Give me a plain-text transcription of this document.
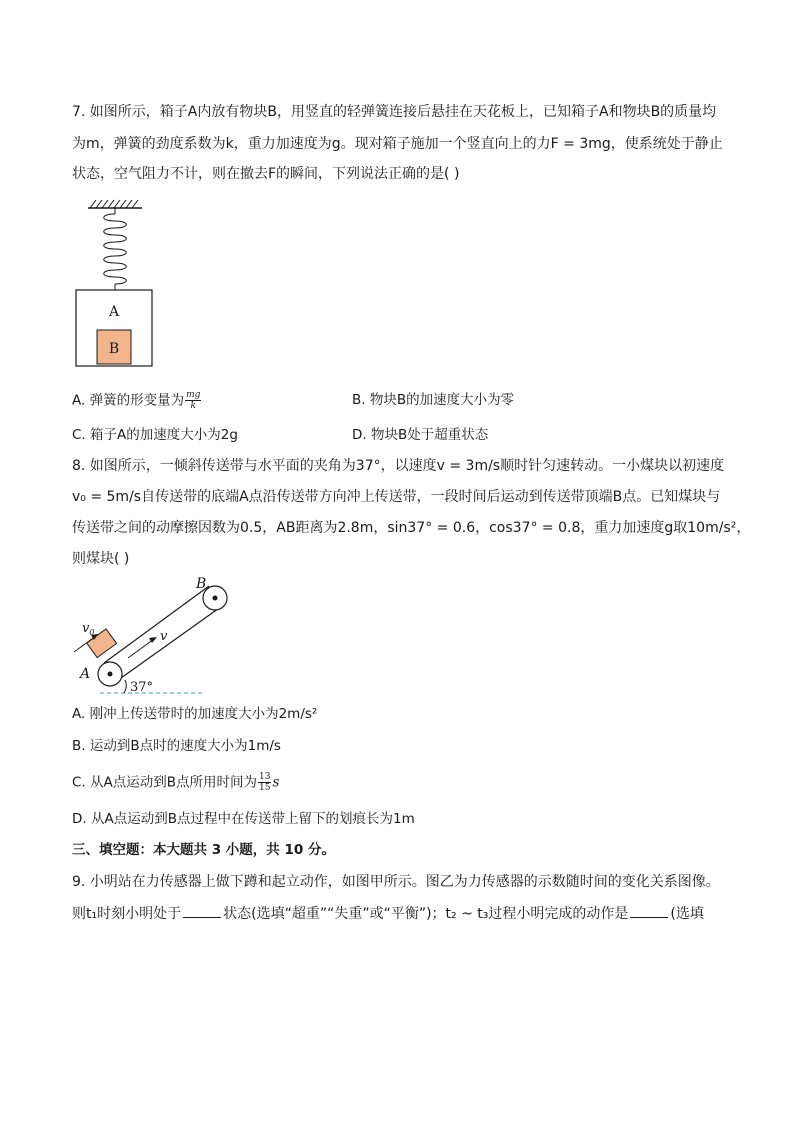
7. 如图所示，箱子A内放有物块B，用竖直的轻弹簧连接后悬挂在天花板上，已知箱子A和物块B的质量均
为m，弹簧的劲度系数为k，重力加速度为g。现对箱子施加一个竖直向上的力F = 3mg，使系统处于静止
状态，空气阻力不计，则在撤去F的瞬间，下列说法正确的是( )
A
B
A. 弹簧的形变量为 $\frac{mg}{k}$	B. 物块B的加速度大小为零
C. 箱子A的加速度大小为2g	D. 物块B处于超重状态
8. 如图所示，一倾斜传送带与水平面的夹角为37°，以速度v = 3m/s顺时针匀速转动。一小煤块以初速度
v₀ = 5m/s自传送带的底端A点沿传送带方向冲上传送带，一段时间后运动到传送带顶端B点。已知煤块与
传送带之间的动摩擦因数为0.5，AB距离为2.8m，sin37° = 0.6，cos37° = 0.8，重力加速度g取10m/s²，
则煤块( )
$v_0$	v
B
A
37°
A. 刚冲上传送带时的加速度大小为2m/s²
B. 运动到B点时的速度大小为1m/s
C. 从A点运动到B点所用时间为 $\frac{13}{15}$ s
D. 从A点运动到B点过程中在传送带上留下的划痕长为1m
三、填空题：本大题共 3 小题，共 10 分。
9. 小明站在力传感器上做下蹲和起立动作，如图甲所示。图乙为力传感器的示数随时间的变化关系图像。
则t₁时刻小明处于	状态(选填“超重”“失重”或“平衡”)；t₂ ~ t₃过程小明完成的动作是	(选填
